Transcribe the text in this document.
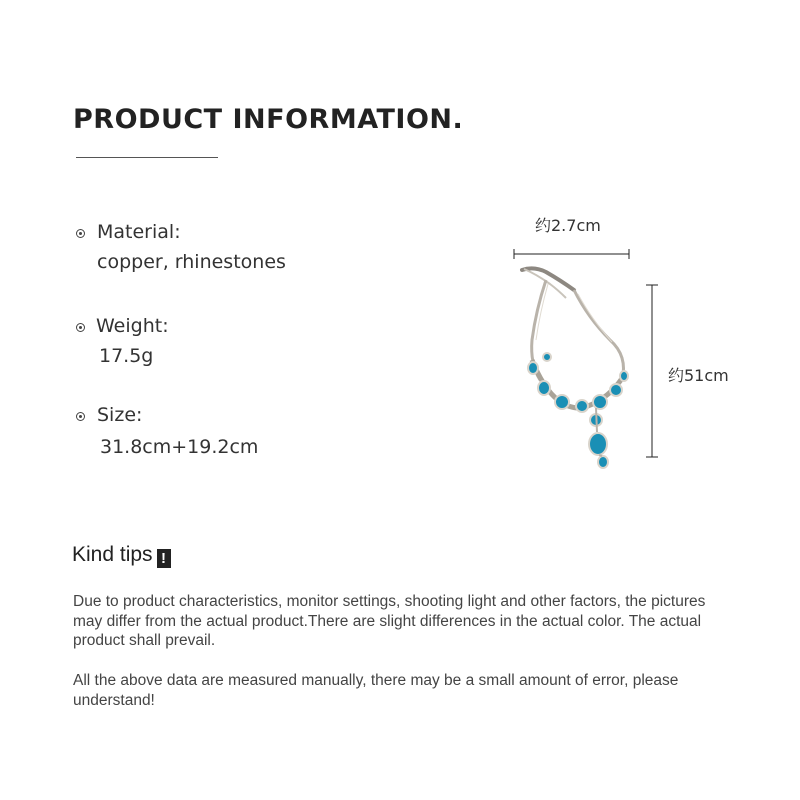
PRODUCT INFORMATION.
Material:
copper, rhinestones
Weight:
17.5g
Size:
31.8cm+19.2cm
约2.7cm
约51cm
Kind tips !
Due to product characteristics, monitor settings, shooting light and other factors, the pictures may differ from the actual product.There are slight differences in the actual color. The actual product shall prevail.
All the above data are measured manually, there may be a small amount of error, please understand!
